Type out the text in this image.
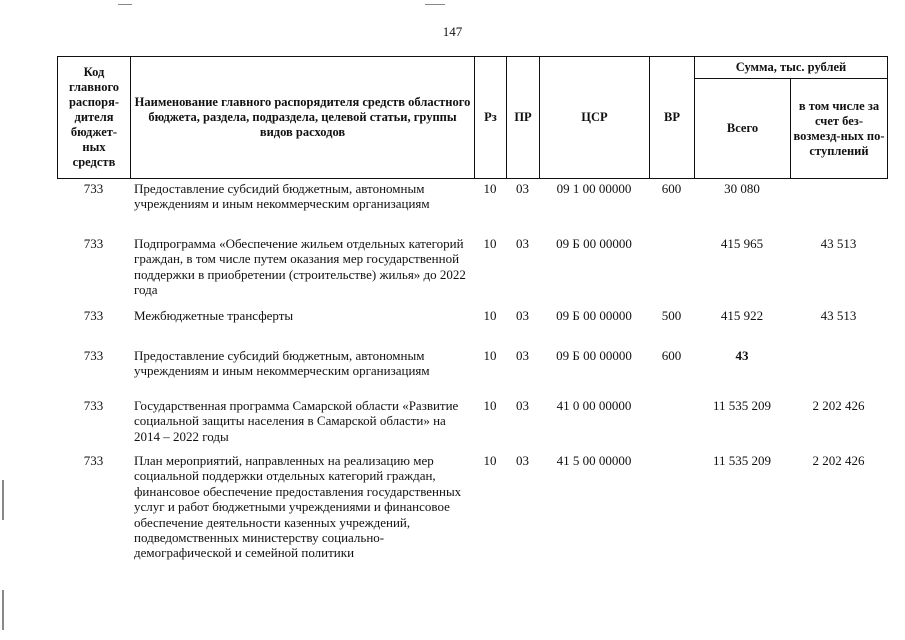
147
Код главного распоря-дителя бюджет-ных средств	Наименование главного распорядителя средств областного бюджета, раздела, подраздела, целевой статьи, группы видов расходов	Рз	ПР	ЦСР	ВР	Сумма, тыс. рублей	
						Всего	в том числе за счет без-возмезд-ных по-ступлений
733	Предоставление субсидий бюджетным, автономным учреждениям и иным некоммерческим организациям	10	03	09 1 00 00000	600	30 080	
733	Подпрограмма «Обеспечение жильем отдельных категорий граждан, в том числе путем оказания мер государственной поддержки в приобретении (строительстве) жилья» до 2022 года	10	03	09 Б 00 00000		415 965	43 513
733	Межбюджетные трансферты	10	03	09 Б 00 00000	500	415 922	43 513
733	Предоставление субсидий бюджетным, автономным учреждениям и иным некоммерческим организациям	10	03	09 Б 00 00000	600	43	
733	Государственная программа Самарской области «Развитие социальной защиты населения в Самарской области» на 2014 – 2022 годы	10	03	41 0 00 00000		11 535 209	2 202 426
733	План мероприятий, направленных на реализацию мер социальной поддержки отдельных категорий граждан, финансовое обеспечение предоставления государственных услуг и работ бюджетными учреждениями и финансовое обеспечение деятельности казенных учреждений, подведомственных министерству социально-демографической и семейной политики	10	03	41 5 00 00000		11 535 209	2 202 426
